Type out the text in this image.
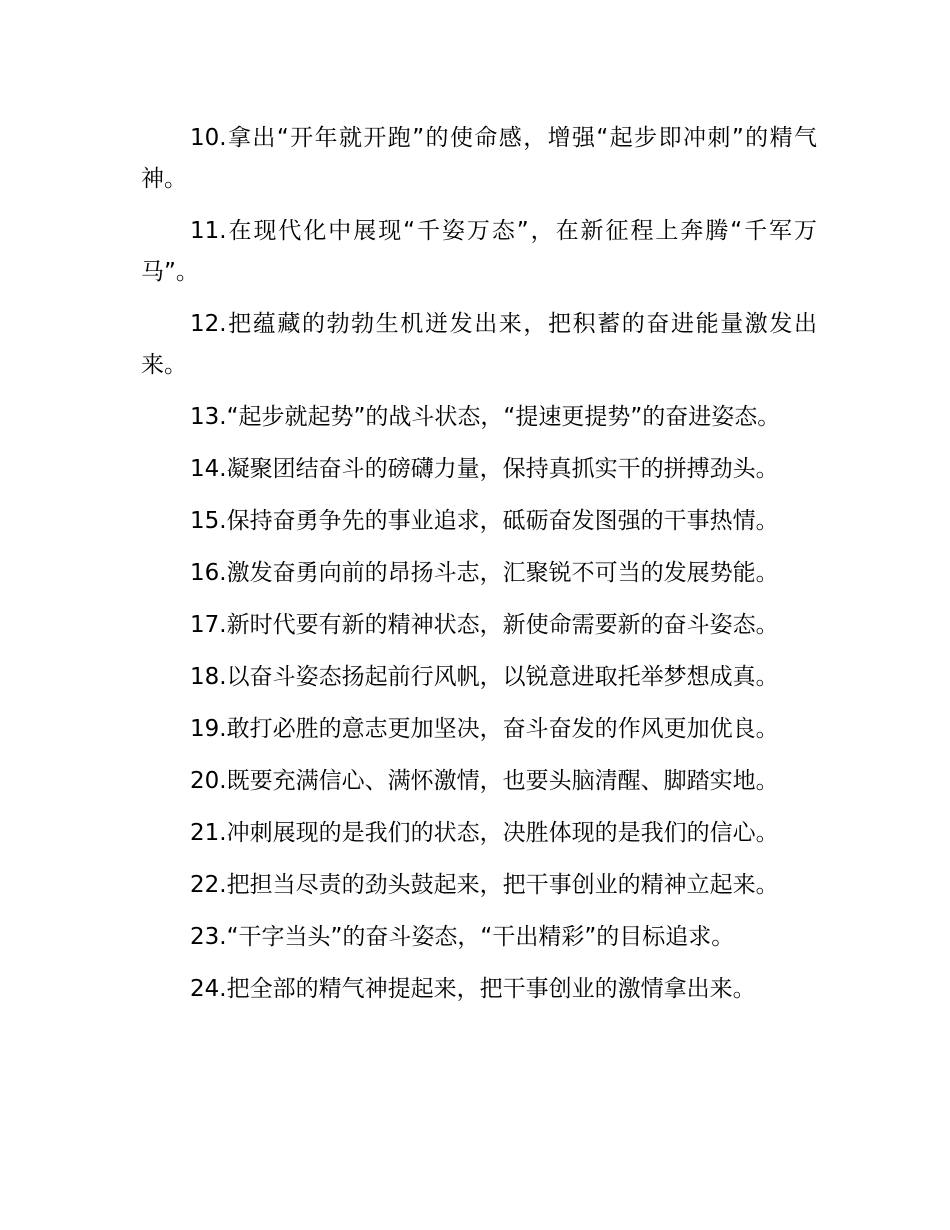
10.拿出“开年就开跑”的使命感，增强“起步即冲刺”的精气神。

11.在现代化中展现“千姿万态”，在新征程上奔腾“千军万马”。

12.把蕴藏的勃勃生机迸发出来，把积蓄的奋进能量激发出来。

13.“起步就起势”的战斗状态，“提速更提势”的奋进姿态。

14.凝聚团结奋斗的磅礴力量，保持真抓实干的拼搏劲头。

15.保持奋勇争先的事业追求，砥砺奋发图强的干事热情。

16.激发奋勇向前的昂扬斗志，汇聚锐不可当的发展势能。

17.新时代要有新的精神状态，新使命需要新的奋斗姿态。

18.以奋斗姿态扬起前行风帆，以锐意进取托举梦想成真。

19.敢打必胜的意志更加坚决，奋斗奋发的作风更加优良。

20.既要充满信心、满怀激情，也要头脑清醒、脚踏实地。

21.冲刺展现的是我们的状态，决胜体现的是我们的信心。

22.把担当尽责的劲头鼓起来，把干事创业的精神立起来。

23.“干字当头”的奋斗姿态，“干出精彩”的目标追求。

24.把全部的精气神提起来，把干事创业的激情拿出来。
